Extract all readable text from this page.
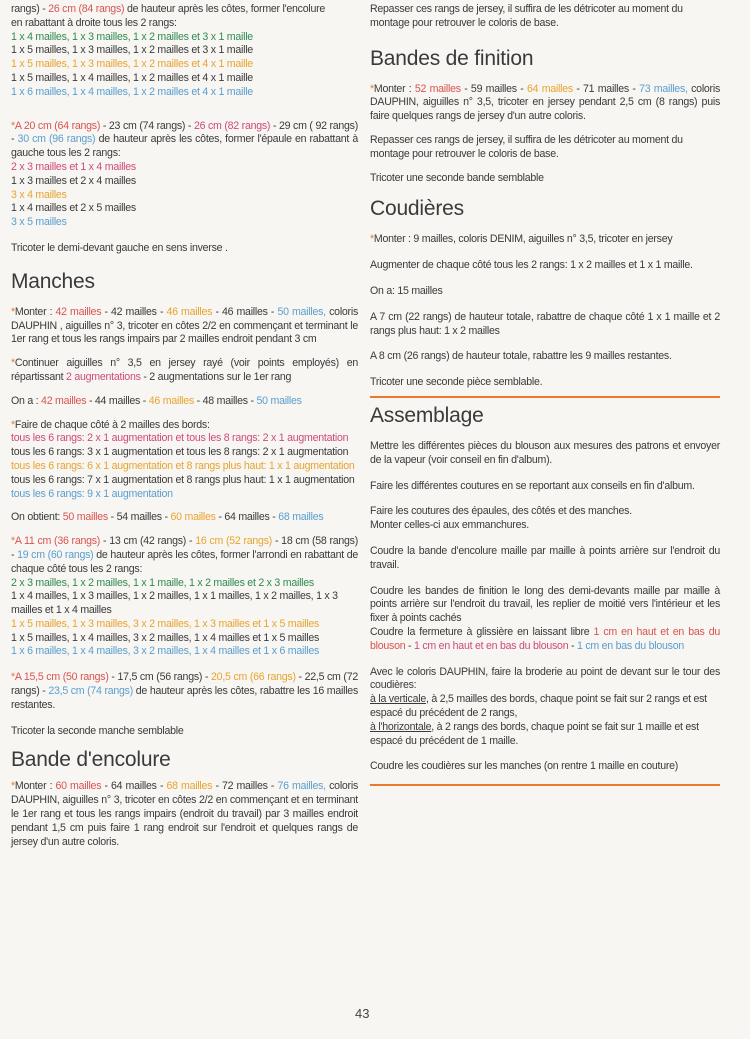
rangs) - 26 cm (84 rangs) de hauteur après les côtes, former l'encolure

en rabattant à droite tous les 2 rangs:

1 x 4 mailles, 1 x 3 mailles, 1 x 2 mailles et 3 x 1 maille

1 x 5 mailles, 1 x 3 mailles, 1 x 2 mailles et 3 x 1 maille

1 x 5 mailles, 1 x 3 mailles, 1 x 2 mailles et 4 x 1 maille

1 x 5 mailles, 1 x 4 mailles, 1 x 2 mailles et 4 x 1 maille

1 x 6 mailles, 1 x 4 mailles, 1 x 2 mailles et 4 x 1 maille

*A 20 cm (64 rangs) - 23 cm (74 rangs) - 26 cm (82 rangs) - 29 cm ( 92 rangs) - 30 cm (96 rangs) de hauteur après les côtes, former l'épaule en rabattant à gauche tous les 2 rangs:

2 x 3 mailles et 1 x 4 mailles

1 x 3 mailles et 2 x 4 mailles

3 x 4 mailles

1 x 4 mailles et 2 x 5 mailles

3 x 5 mailles

Tricoter le demi-devant gauche en sens inverse .

Manches

*Monter : 42 mailles - 42 mailles - 46 mailles - 46 mailles - 50 mailles, coloris DAUPHIN , aiguilles n° 3, tricoter en côtes 2/2 en commençant et terminant le 1er rang et tous les rangs impairs par 2 mailles endroit pendant 3 cm

*Continuer aiguilles n° 3,5 en jersey rayé (voir points employés) en répartissant 2 augmentations - 2 augmentations sur le 1er rang

On a : 42 mailles - 44 mailles - 46 mailles - 48 mailles - 50 mailles

*Faire de chaque côté à 2 mailles des bords:

tous les 6 rangs: 2 x 1 augmentation et tous les 8 rangs: 2 x 1 augmentation

tous les 6 rangs: 3 x 1 augmentation et tous les 8 rangs: 2 x 1 augmentation

tous les 6 rangs: 6 x 1 augmentation et 8 rangs plus haut: 1 x 1 augmentation

tous les 6 rangs: 7 x 1 augmentation et 8 rangs plus haut: 1 x 1 augmentation

tous les 6 rangs: 9 x 1 augmentation

On obtient: 50 mailles - 54 mailles - 60 mailles - 64 mailles - 68 mailles

*A 11 cm (36 rangs) - 13 cm (42 rangs) - 16 cm (52 rangs) - 18 cm (58 rangs) - 19 cm (60 rangs) de hauteur après les côtes, former l'arrondi en rabattant de chaque côté tous les 2 rangs:

2 x 3 mailles, 1 x 2 mailles, 1 x 1 maille, 1 x 2 mailles et 2 x 3 mailles

1 x 4 mailles, 1 x 3 mailles, 1 x 2 mailles, 1 x 1 mailles, 1 x 2 mailles, 1 x 3 mailles et 1 x 4 mailles

1 x 5 mailles, 1 x 3 mailles, 3 x 2 mailles, 1 x 3 mailles et 1 x 5 mailles

1 x 5 mailles, 1 x 4 mailles, 3 x 2 mailles, 1 x 4 mailles et 1 x 5 mailles

1 x 6 mailles, 1 x 4 mailles, 3 x 2 mailles, 1 x 4 mailles et 1 x 6 mailles

*A 15,5 cm (50 rangs) - 17,5 cm (56 rangs) - 20,5 cm (66 rangs) - 22,5 cm (72 rangs) - 23,5 cm (74 rangs) de hauteur après les côtes, rabattre les 16 mailles restantes.

Tricoter la seconde manche semblable

Bande d'encolure

*Monter : 60 mailles - 64 mailles - 68 mailles - 72 mailles - 76 mailles, coloris DAUPHIN, aiguilles n° 3, tricoter en côtes 2/2 en commençant et en terminant le 1er rang et tous les rangs impairs (endroit du travail) par 3 mailles endroit pendant 1,5 cm puis faire 1 rang endroit sur l'endroit et quelques rangs de jersey d'un autre coloris.

Repasser ces rangs de jersey, il suffira de les détricoter au moment du montage pour retrouver le coloris de base.

Bandes de finition

*Monter : 52 mailles - 59 mailles - 64 mailles - 71 mailles - 73 mailles, coloris DAUPHIN, aiguilles n° 3,5, tricoter en jersey pendant 2,5 cm (8 rangs) puis faire quelques rangs de jersey d'un autre coloris.

Repasser ces rangs de jersey, il suffira de les détricoter au moment du montage pour retrouver le coloris de base.

Tricoter une seconde bande semblable

Coudières

*Monter : 9 mailles, coloris DENIM, aiguilles n° 3,5, tricoter en jersey

Augmenter de chaque côté tous les 2 rangs: 1 x 2 mailles et 1 x 1 maille.

On a: 15 mailles

A 7 cm (22 rangs) de hauteur totale, rabattre de chaque côté 1 x 1 maille et 2 rangs plus haut: 1 x 2 mailles

A 8 cm (26 rangs) de hauteur totale, rabattre les 9 mailles restantes.

Tricoter une seconde pièce semblable.

Assemblage

Mettre les différentes pièces du blouson aux mesures des patrons et envoyer de la vapeur (voir conseil en fin d'album).

Faire les différentes coutures en se reportant aux conseils en fin d'album.

Faire les coutures des épaules, des côtés et des manches.

Monter celles-ci aux emmanchures.

Coudre la bande d'encolure maille par maille à points arrière sur l'endroit du travail.

Coudre les bandes de finition le long des demi-devants maille par maille à points arrière sur l'endroit du travail, les replier de moitié vers l'intérieur et les fixer à points cachés

Coudre la fermeture à glissière en laissant libre 1 cm en haut et en bas du blouson - 1 cm en haut et en bas du blouson - 1 cm en bas du blouson

Avec le coloris DAUPHIN, faire la broderie au point de devant sur le tour des coudières:

à la verticale, à 2,5 mailles des bords, chaque point se fait sur 2 rangs et est espacé du précédent de 2 rangs,

à l'horizontale, à 2 rangs des bords, chaque point se fait sur 1 maille et est espacé du précédent de 1 maille.

Coudre les coudières sur les manches (on rentre 1 maille en couture)

43
